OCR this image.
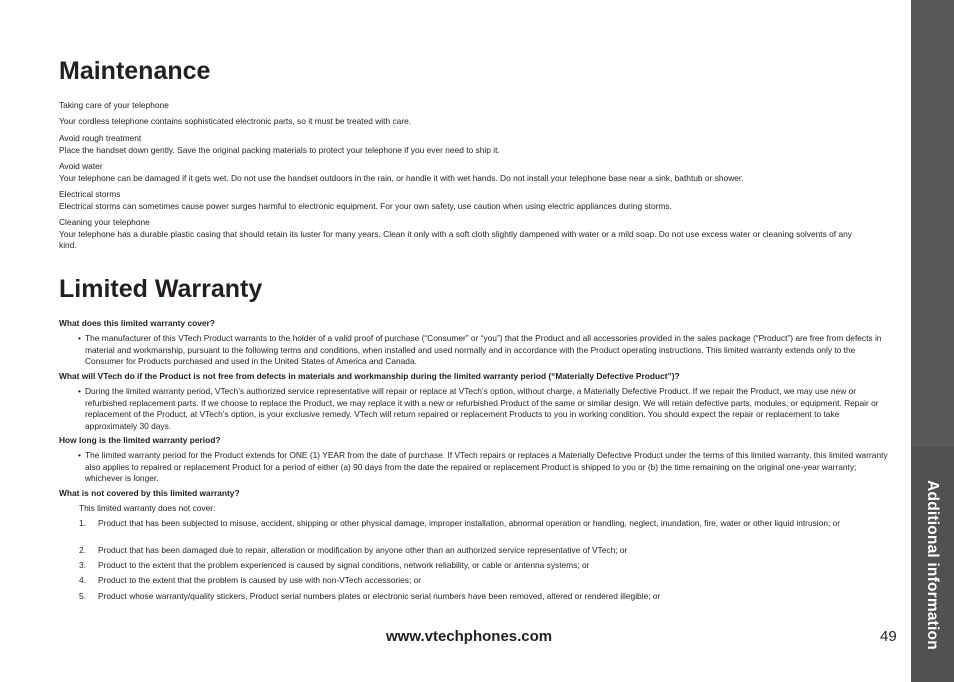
Additional information
Maintenance

Taking care of your telephone

Your cordless telephone contains sophisticated electronic parts, so it must be treated with care.

Avoid rough treatment

Place the handset down gently. Save the original packing materials to protect your telephone if you ever need to ship it.

Avoid water

Your telephone can be damaged if it gets wet. Do not use the handset outdoors in the rain, or handle it with wet hands. Do not install your telephone base near a sink, bathtub or shower.

Electrical storms

Electrical storms can sometimes cause power surges harmful to electronic equipment. For your own safety, use caution when using electric appliances during storms.

Cleaning your telephone

Your telephone has a durable plastic casing that should retain its luster for many years. Clean it only with a soft cloth slightly dampened with water or a mild soap. Do not use excess water or cleaning solvents of any kind.

Limited Warranty
What does this limited warranty cover?
• The manufacturer of this VTech Product warrants to the holder of a valid proof of purchase (“Consumer” or “you”) that the Product and all accessories provided in the sales package (“Product”) are free from defects in material and workmanship, pursuant to the following terms and conditions, when installed and used normally and in accordance with the Product operating instructions. This limited warranty extends only to the Consumer for Products purchased and used in the United States of America and Canada.
What will VTech do if the Product is not free from defects in materials and workmanship during the limited warranty period (“Materially Defective Product”)?
• During the limited warranty period, VTech’s authorized service representative will repair or replace at VTech’s option, without charge, a Materially Defective Product. If we repair the Product, we may use new or refurbished replacement parts. If we choose to replace the Product, we may replace it with a new or refurbished Product of the same or similar design. We will retain defective parts, modules, or equipment. Repair or replacement of the Product, at VTech’s option, is your exclusive remedy. VTech will return repaired or replacement Products to you in working condition. You should expect the repair or replacement to take approximately 30 days.
How long is the limited warranty period?
• The limited warranty period for the Product extends for ONE (1) YEAR from the date of purchase. If VTech repairs or replaces a Materially Defective Product under the terms of this limited warranty, this limited warranty also applies to repaired or replacement Product for a period of either (a) 90 days from the date the repaired or replacement Product is shipped to you or (b) the time remaining on the original one-year warranty; whichever is longer.
What is not covered by this limited warranty?
This limited warranty does not cover:
1.	Product that has been subjected to misuse, accident, shipping or other physical damage, improper installation, abnormal operation or handling, neglect, inundation, fire, water or other liquid intrusion; or
2.	Product that has been damaged due to repair, alteration or modification by anyone other than an authorized service representative of VTech; or
3.	Product to the extent that the problem experienced is caused by signal conditions, network reliability, or cable or antenna systems; or
4.	Product to the extent that the problem is caused by use with non-VTech accessories; or
5.	Product whose warranty/quality stickers, Product serial numbers plates or electronic serial numbers have been removed, altered or rendered illegible; or
www.vtechphones.com	49
